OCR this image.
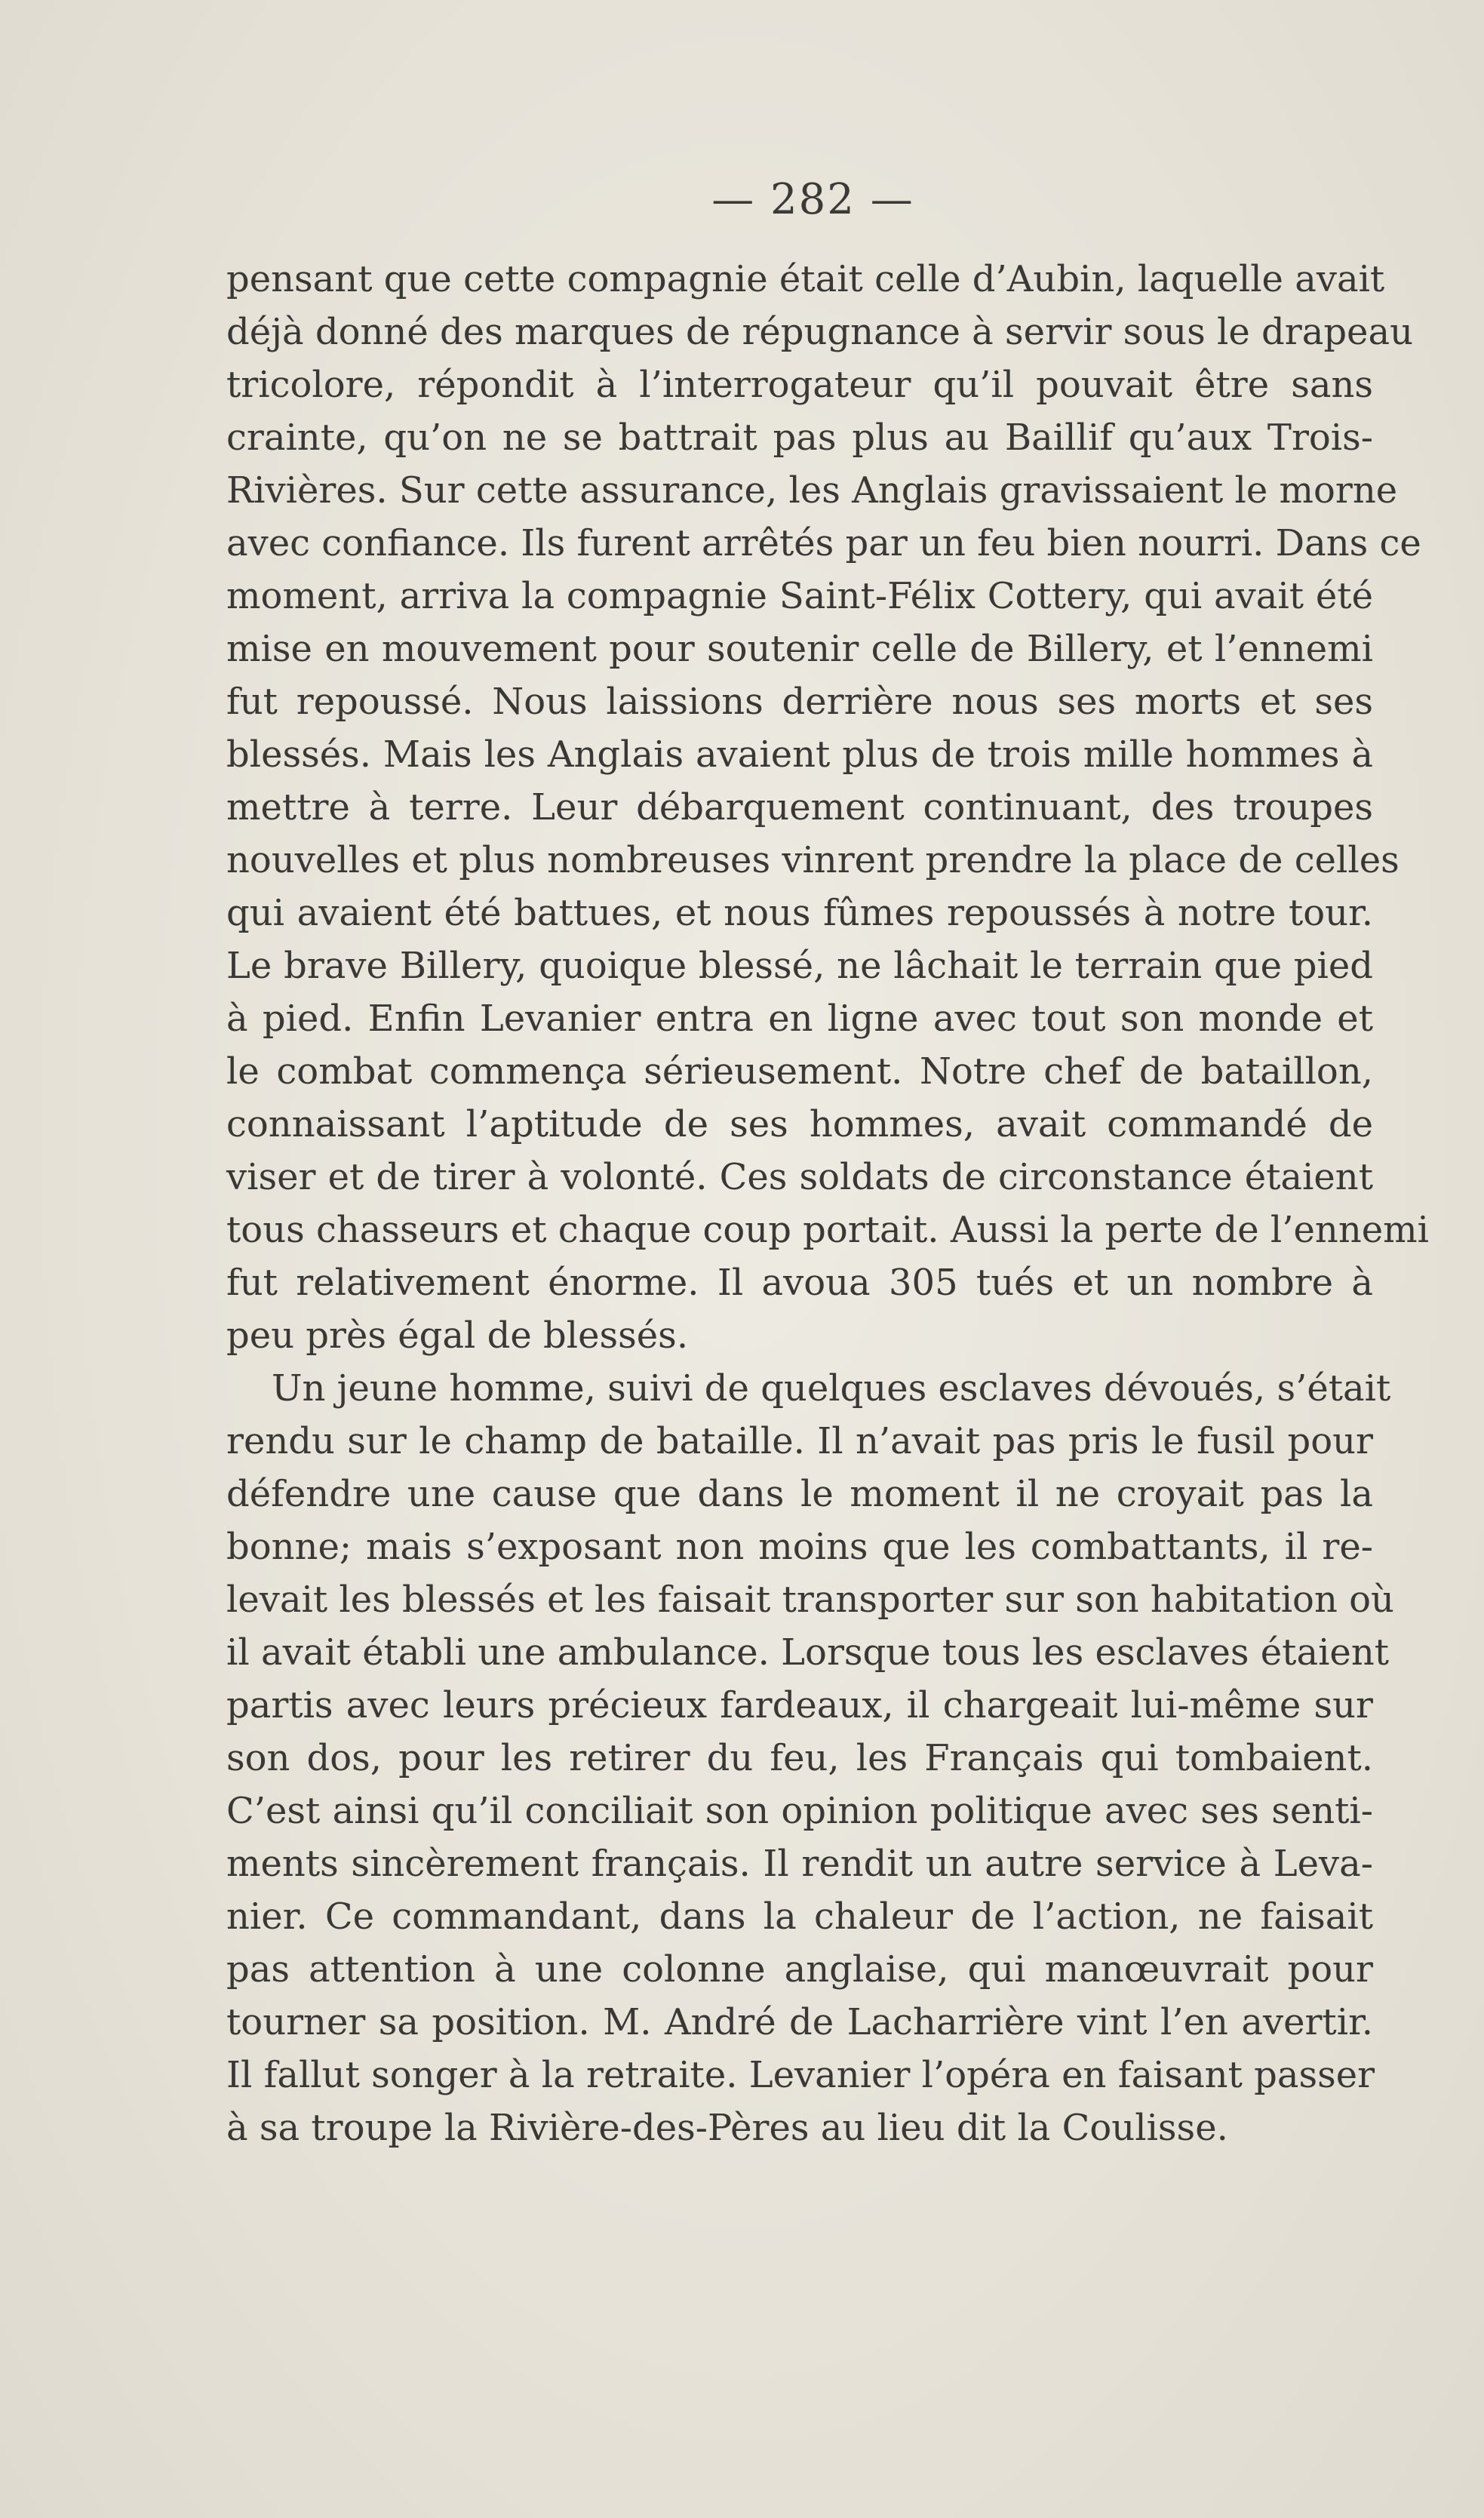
— 282 —
pensant que cette compagnie était celle d’Aubin, laquelle avait
déjà donné des marques de répugnance à servir sous le drapeau
tricolore, répondit à l’interrogateur qu’il pouvait être sans
crainte, qu’on ne se battrait pas plus au Baillif qu’aux Trois-
Rivières. Sur cette assurance, les Anglais gravissaient le morne
avec confiance. Ils furent arrêtés par un feu bien nourri. Dans ce
moment, arriva la compagnie Saint-Félix Cottery, qui avait été
mise en mouvement pour soutenir celle de Billery, et l’ennemi
fut repoussé. Nous laissions derrière nous ses morts et ses
blessés. Mais les Anglais avaient plus de trois mille hommes à
mettre à terre. Leur débarquement continuant, des troupes
nouvelles et plus nombreuses vinrent prendre la place de celles
qui avaient été battues, et nous fûmes repoussés à notre tour.
Le brave Billery, quoique blessé, ne lâchait le terrain que pied
à pied. Enfin Levanier entra en ligne avec tout son monde et
le combat commença sérieusement. Notre chef de bataillon,
connaissant l’aptitude de ses hommes, avait commandé de
viser et de tirer à volonté. Ces soldats de circonstance étaient
tous chasseurs et chaque coup portait. Aussi la perte de l’ennemi
fut relativement énorme. Il avoua 305 tués et un nombre à
peu près égal de blessés.
Un jeune homme, suivi de quelques esclaves dévoués, s’était
rendu sur le champ de bataille. Il n’avait pas pris le fusil pour
défendre une cause que dans le moment il ne croyait pas la
bonne; mais s’exposant non moins que les combattants, il re-
levait les blessés et les faisait transporter sur son habitation où
il avait établi une ambulance. Lorsque tous les esclaves étaient
partis avec leurs précieux fardeaux, il chargeait lui-même sur
son dos, pour les retirer du feu, les Français qui tombaient.
C’est ainsi qu’il conciliait son opinion politique avec ses senti-
ments sincèrement français. Il rendit un autre service à Leva-
nier. Ce commandant, dans la chaleur de l’action, ne faisait
pas attention à une colonne anglaise, qui manœuvrait pour
tourner sa position. M. André de Lacharrière vint l’en avertir.
Il fallut songer à la retraite. Levanier l’opéra en faisant passer
à sa troupe la Rivière-des-Pères au lieu dit la Coulisse.
